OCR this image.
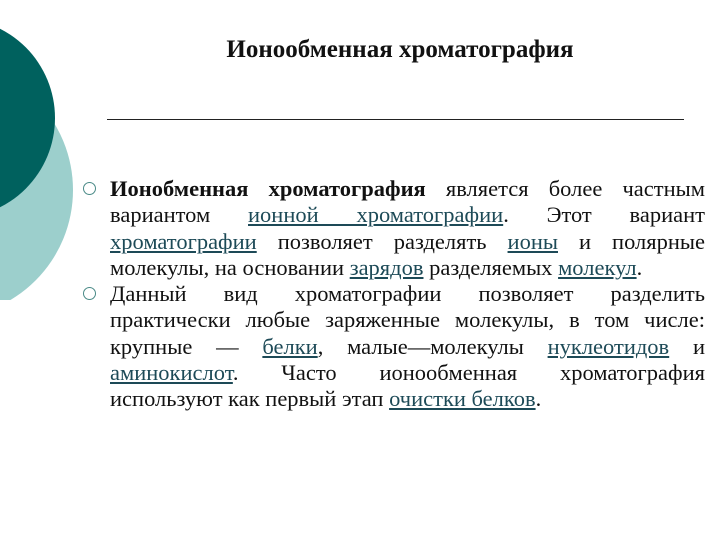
Ионообменная хроматография
Ионобменная хроматография является более частным вариантом ионной хроматографии. Этот вариант хроматографии позволяет разделять ионы и полярные молекулы, на основании зарядов разделяемых молекул.
Данный вид хроматографии позволяет разделить практически любые заряженные молекулы, в том числе: крупные — белки, малые—молекулы нуклеотидов и аминокислот. Часто ионообменная хроматография используют как первый этап очистки белков.
